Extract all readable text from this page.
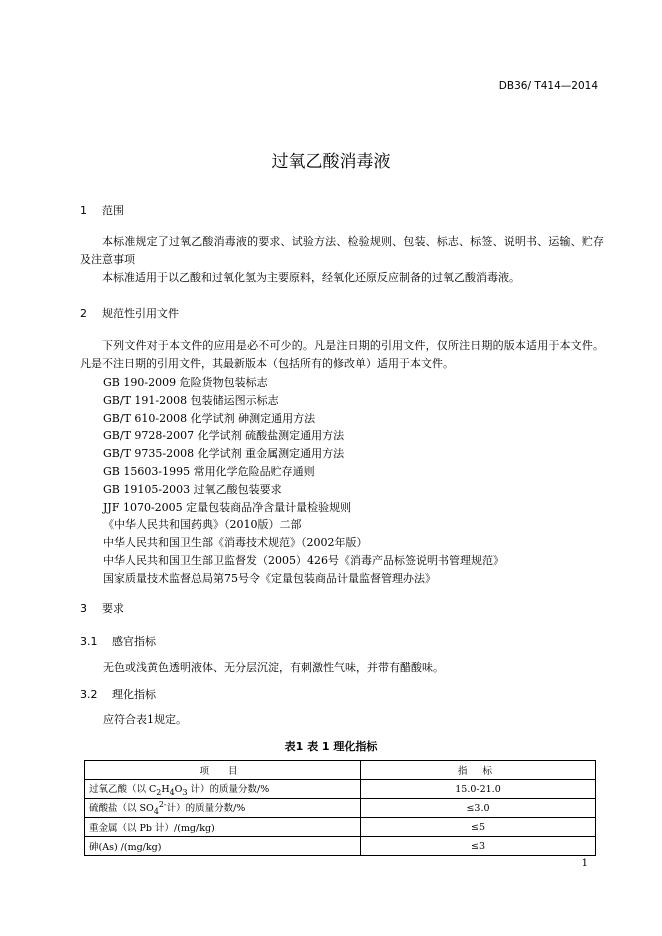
DB36/ T414—2014
过氧乙酸消毒液
1 范围
本标准规定了过氧乙酸消毒液的要求、试验方法、检验规则、包装、标志、标签、说明书、运输、贮存及注意事项
本标准适用于以乙酸和过氧化氢为主要原料，经氧化还原反应制备的过氧乙酸消毒液。
2 规范性引用文件
下列文件对于本文件的应用是必不可少的。凡是注日期的引用文件，仅所注日期的版本适用于本文件。凡是不注日期的引用文件，其最新版本（包括所有的修改单）适用于本文件。
GB 190-2009 危险货物包装标志
GB/T 191-2008 包装储运图示标志
GB/T 610-2008 化学试剂 砷测定通用方法
GB/T 9728-2007 化学试剂 硫酸盐测定通用方法
GB/T 9735-2008 化学试剂 重金属测定通用方法
GB 15603-1995 常用化学危险品贮存通则
GB 19105-2003 过氧乙酸包装要求
JJF 1070-2005 定量包装商品净含量计量检验规则
《中华人民共和国药典》（2010版）二部
中华人民共和国卫生部《消毒技术规范》（2002年版）
中华人民共和国卫生部卫监督发（2005）426号《消毒产品标签说明书管理规范》
国家质量技术监督总局第75号令《定量包装商品计量监督管理办法》
3 要求
3.1 感官指标
无色或浅黄色透明液体、无分层沉淀，有刺激性气味，并带有醋酸味。
3.2 理化指标
应符合表1规定。
表1 表 1 理化指标
项 目	指 标
过氧乙酸（以 $C_2H_4O_3$ 计）的质量分数/%	15.0-21.0
硫酸盐（以 $SO_4^{2-}$计）的质量分数/%	≤3.0
重金属（以 Pb 计）/(mg/kg)	≤5
砷(As) /(mg/kg)	≤3
1
